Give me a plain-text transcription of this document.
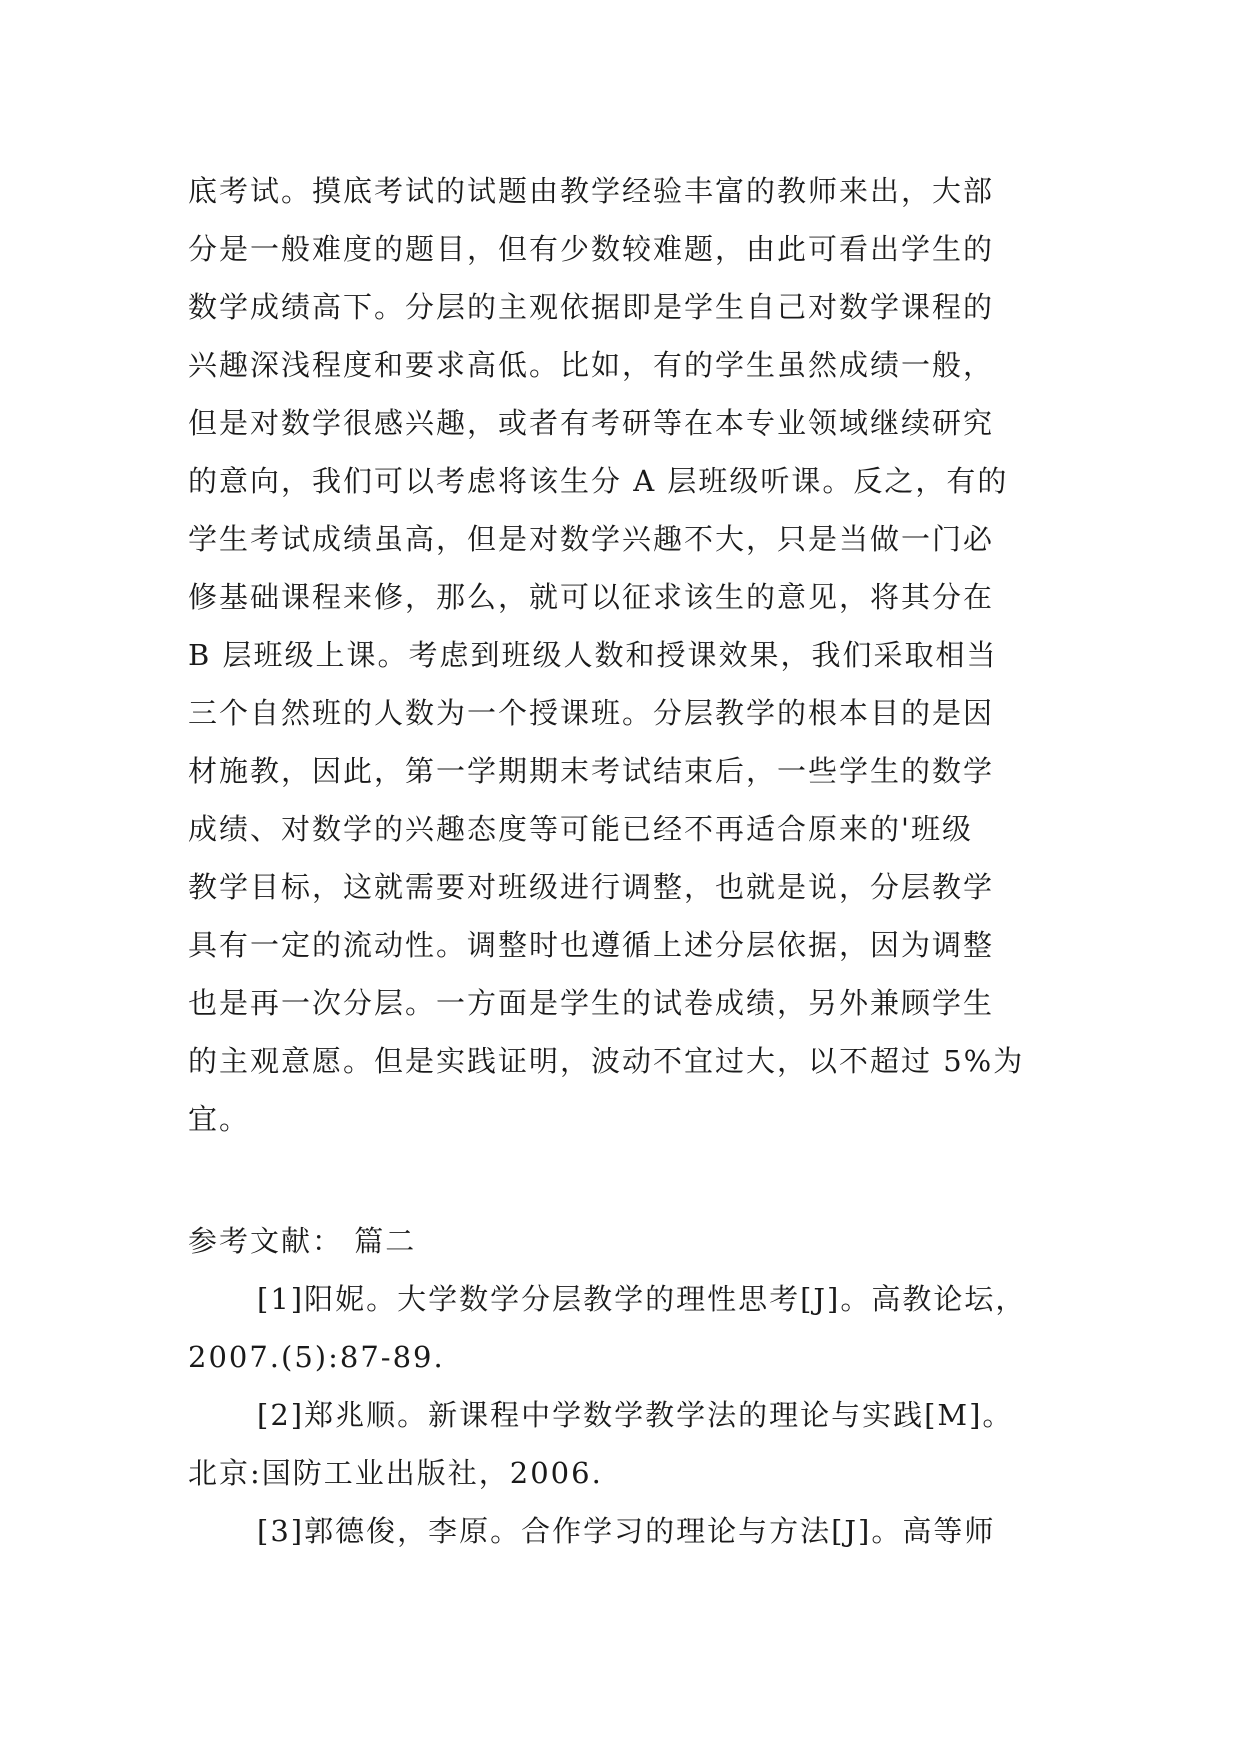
底考试。摸底考试的试题由教学经验丰富的教师来出，大部
分是一般难度的题目，但有少数较难题，由此可看出学生的
数学成绩高下。分层的主观依据即是学生自己对数学课程的
兴趣深浅程度和要求高低。比如，有的学生虽然成绩一般，
但是对数学很感兴趣，或者有考研等在本专业领域继续研究
的意向，我们可以考虑将该生分 A 层班级听课。反之，有的
学生考试成绩虽高，但是对数学兴趣不大，只是当做一门必
修基础课程来修，那么，就可以征求该生的意见，将其分在
B 层班级上课。考虑到班级人数和授课效果，我们采取相当
三个自然班的人数为一个授课班。分层教学的根本目的是因
材施教，因此，第一学期期末考试结束后，一些学生的数学
成绩、对数学的兴趣态度等可能已经不再适合原来的'班级
教学目标，这就需要对班级进行调整，也就是说，分层教学
具有一定的流动性。调整时也遵循上述分层依据，因为调整
也是再一次分层。一方面是学生的试卷成绩，另外兼顾学生
的主观意愿。但是实践证明，波动不宜过大，以不超过 5%为
宜。
参考文献： 篇二
[1]阳妮。大学数学分层教学的理性思考[J]。高教论坛，
2007.(5):87-89.
[2]郑兆顺。新课程中学数学教学法的理论与实践[M]。
北京:国防工业出版社，2006.
[3]郭德俊，李原。合作学习的理论与方法[J]。高等师
